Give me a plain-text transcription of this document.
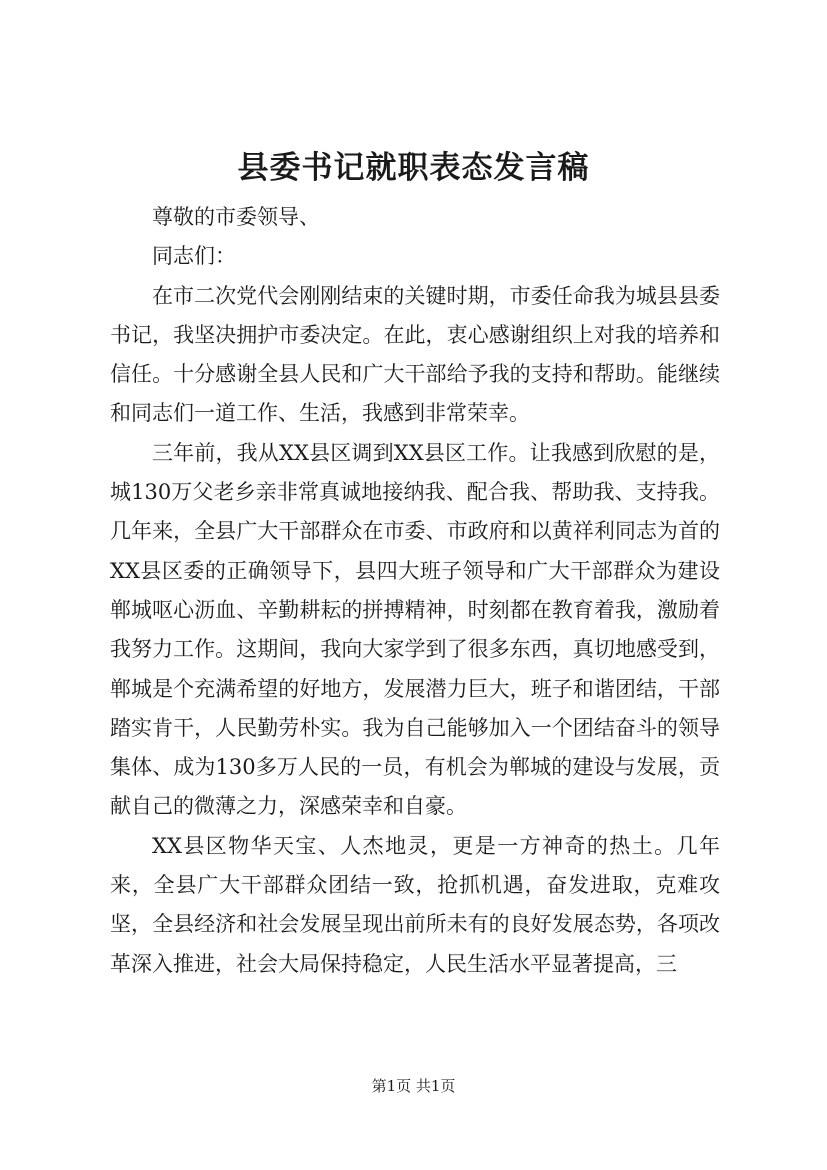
县委书记就职表态发言稿

尊敬的市委领导、

同志们：

在市二次党代会刚刚结束的关键时期，市委任命我为城县县委书记，我坚决拥护市委决定。在此，衷心感谢组织上对我的培养和信任。十分感谢全县人民和广大干部给予我的支持和帮助。能继续和同志们一道工作、生活，我感到非常荣幸。

三年前，我从XX县区调到XX县区工作。让我感到欣慰的是，城130万父老乡亲非常真诚地接纳我、配合我、帮助我、支持我。几年来，全县广大干部群众在市委、市政府和以黄祥利同志为首的XX县区委的正确领导下，县四大班子领导和广大干部群众为建设郸城呕心沥血、辛勤耕耘的拼搏精神，时刻都在教育着我，激励着我努力工作。这期间，我向大家学到了很多东西，真切地感受到，郸城是个充满希望的好地方，发展潜力巨大，班子和谐团结，干部踏实肯干，人民勤劳朴实。我为自己能够加入一个团结奋斗的领导集体、成为130多万人民的一员，有机会为郸城的建设与发展，贡献自己的微薄之力，深感荣幸和自豪。

XX县区物华天宝、人杰地灵，更是一方神奇的热土。几年来，全县广大干部群众团结一致，抢抓机遇，奋发进取，克难攻坚，全县经济和社会发展呈现出前所未有的良好发展态势，各项改革深入推进，社会大局保持稳定，人民生活水平显著提高，三

第1页 共1页
